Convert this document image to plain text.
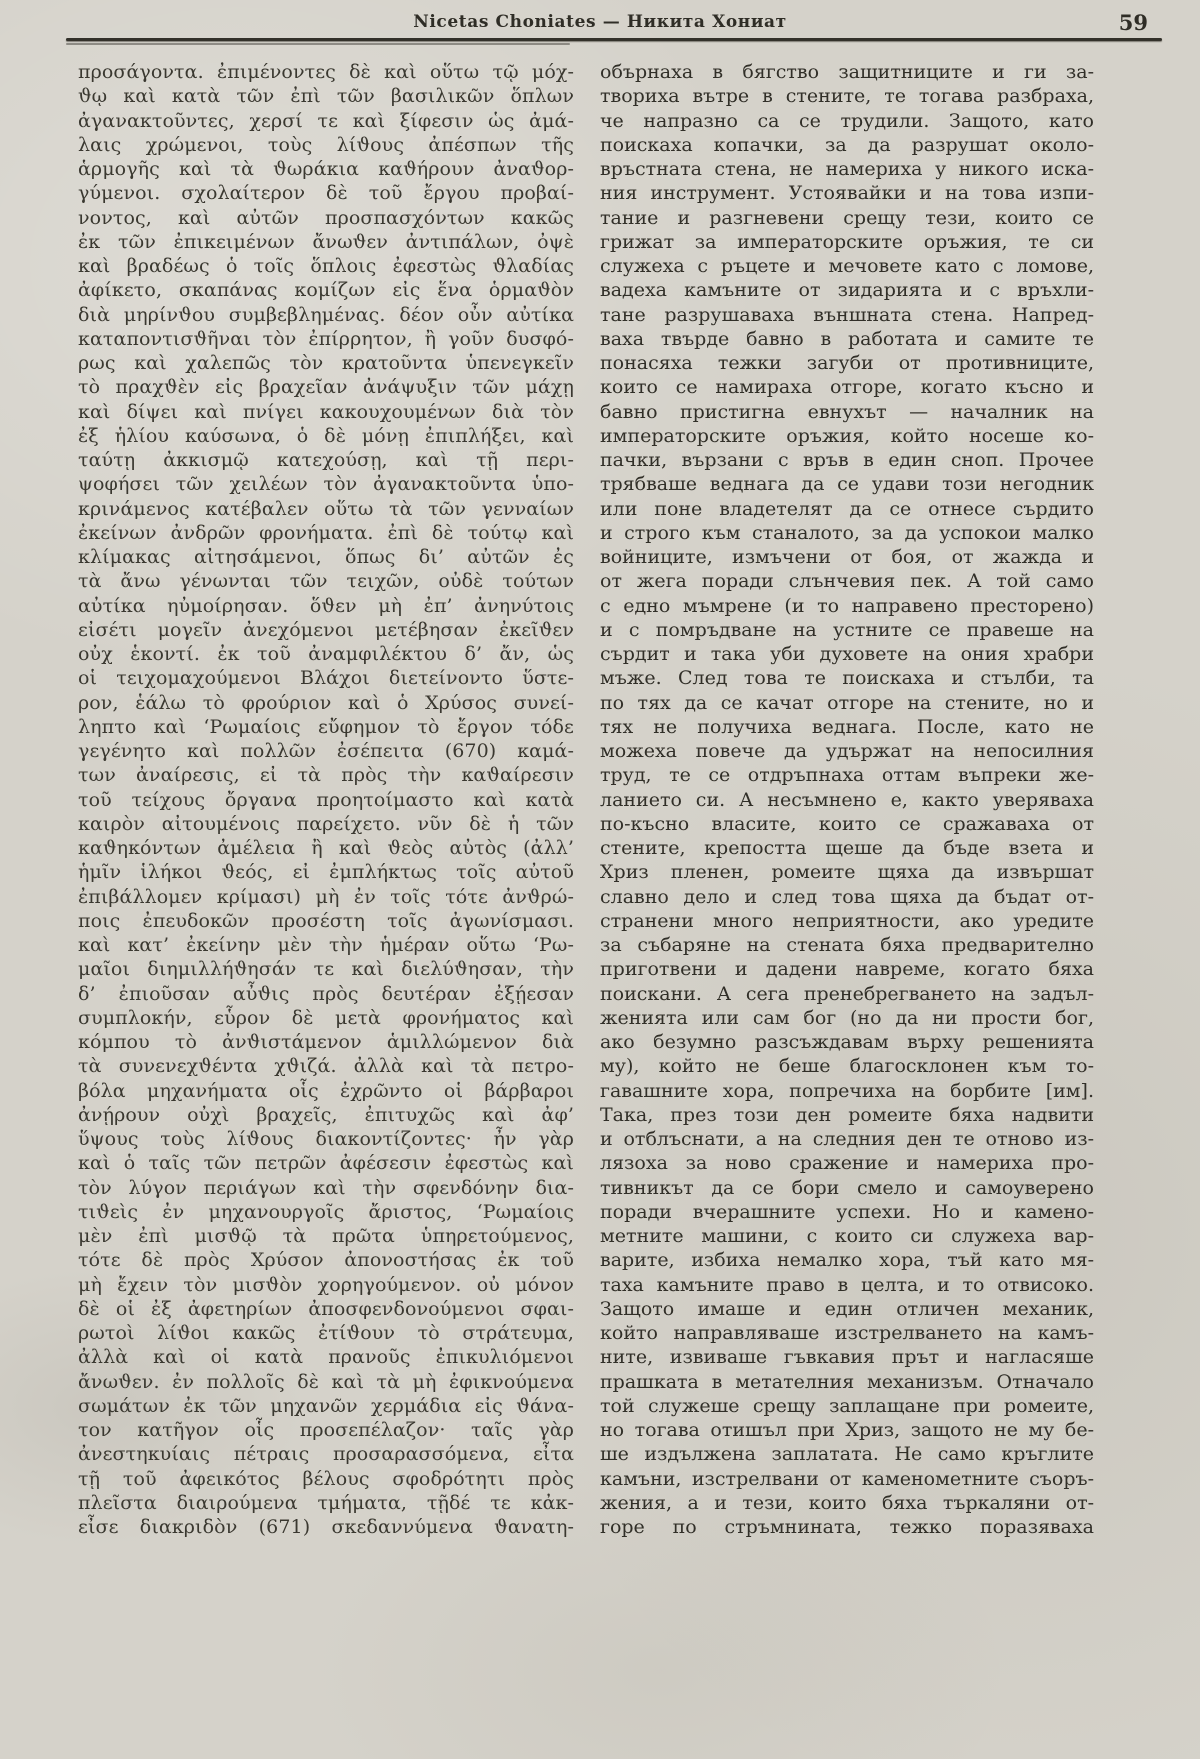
Nicetas Choniates — Никита Хониат	59
προσάγοντα. ἐπιμένοντες δὲ καὶ οὕτω τῷ μόχ-
ϑῳ καὶ κατὰ τῶν ἐπὶ τῶν βασιλικῶν ὅπλων
ἀγανακτοῦντες, χερσί τε καὶ ξίφεσιν ὡς ἀμά-
λαις χρώμενοι, τοὺς λίϑους ἀπέσπων τῆς
ἁρμογῆς καὶ τὰ ϑωράκια καϑήρουν ἀναϑορ-
γύμενοι. σχολαίτερον δὲ τοῦ ἔργου προβαί-
νοντος, καὶ αὐτῶν προσπασχόντων κακῶς
ἐκ τῶν ἐπικειμένων ἄνωϑεν ἀντιπάλων, ὀψὲ
καὶ βραδέως ὁ τοῖς ὅπλοις ἐφεστὼς ϑλαδίας
ἀφίκετο, σκαπάνας κομίζων εἰς ἕνα ὁρμαϑὸν
διὰ μηρίνϑου συμβεβλημένας. δέον οὖν αὐτίκα
καταποντισϑῆναι τὸν ἐπίρρητον, ἢ γοῦν δυσφό-
ρως καὶ χαλεπῶς τὸν κρατοῦντα ὑπενεγκεῖν
τὸ πραχϑὲν εἰς βραχεῖαν ἀνάψυξιν τῶν μάχῃ
καὶ δίψει καὶ πνίγει κακουχουμένων διὰ τὸν
ἐξ ἡλίου καύσωνα, ὁ δὲ μόνῃ ἐπιπλήξει, καὶ
ταύτῃ ἀκκισμῷ κατεχούσῃ, καὶ τῇ περι-
ψοφήσει τῶν χειλέων τὸν ἀγανακτοῦντα ὑπο-
κρινάμενος κατέβαλεν οὕτω τὰ τῶν γενναίων
ἐκείνων ἀνδρῶν φρονήματα. ἐπὶ δὲ τούτῳ καὶ
κλίμακας αἰτησάμενοι, ὅπως δι’ αὐτῶν ἐς
τὰ ἄνω γένωνται τῶν τειχῶν, οὐδὲ τούτων
αὐτίκα ηὐμοίρησαν. ὅϑεν μὴ ἐπ’ ἀνηνύτοις
εἰσέτι μογεῖν ἀνεχόμενοι μετέβησαν ἐκεῖϑεν
οὐχ ἑκοντί. ἐκ τοῦ ἀναμφιλέκτου δ’ ἄν, ὡς
οἱ τειχομαχούμενοι Βλάχοι διετείνοντο ὕστε-
ρον, ἑάλω τὸ φρούριον καὶ ὁ Χρύσος συνεί-
ληπτο καὶ ‘Ρωμαίοις εὔφημον τὸ ἔργον τόδε
γεγένητο καὶ πολλῶν ἐσέπειτα (670) καμά-
των ἀναίρεσις, εἰ τὰ πρὸς τὴν καϑαίρεσιν
τοῦ τείχους ὄργανα προητοίμαστο καὶ κατὰ
καιρὸν αἰτουμένοις παρείχετο. νῦν δὲ ἡ τῶν
καϑηκόντων ἀμέλεια ἢ καὶ ϑεὸς αὐτὸς (ἀλλ’
ἡμῖν ἱλήκοι ϑεός, εἰ ἐμπλήκτως τοῖς αὐτοῦ
ἐπιβάλλομεν κρίμασι) μὴ ἐν τοῖς τότε ἀνϑρώ-
ποις ἐπευδοκῶν προσέστη τοῖς ἀγωνίσμασι.
καὶ κατ’ ἐκείνην μὲν τὴν ἡμέραν οὕτω ‘Ρω-
μαῖοι διημιλλήϑησάν τε καὶ διελύϑησαν, τὴν
δ’ ἐπιοῦσαν αὖϑις πρὸς δευτέραν ἐξῄεσαν
συμπλοκήν, εὗρον δὲ μετὰ φρονήματος καὶ
κόμπου τὸ ἀνϑιστάμενον ἁμιλλώμενον διὰ
τὰ συνενεχϑέντα χϑιζά. ἀλλὰ καὶ τὰ πετρο-
βόλα μηχανήματα οἷς ἐχρῶντο οἱ βάρβαροι
ἀνῄρουν οὐχὶ βραχεῖς, ἐπιτυχῶς καὶ ἀφ’
ὕψους τοὺς λίϑους διακοντίζοντες· ἦν γὰρ
καὶ ὁ ταῖς τῶν πετρῶν ἀφέσεσιν ἐφεστὼς καὶ
τὸν λύγον περιάγων καὶ τὴν σφενδόνην δια-
τιϑεὶς ἐν μηχανουργοῖς ἄριστος, ‘Ρωμαίοις
μὲν ἐπὶ μισϑῷ τὰ πρῶτα ὑπηρετούμενος,
τότε δὲ πρὸς Χρύσον ἀπονοστήσας ἐκ τοῦ
μὴ ἔχειν τὸν μισϑὸν χορηγούμενον. οὐ μόνον
δὲ οἱ ἐξ ἀφετηρίων ἀποσφενδονούμενοι σφαι-
ρωτοὶ λίϑοι κακῶς ἐτίϑουν τὸ στράτευμα,
ἀλλὰ καὶ οἱ κατὰ πρανοῦς ἐπικυλιόμενοι
ἄνωϑεν. ἐν πολλοῖς δὲ καὶ τὰ μὴ ἐφικνούμενα
σωμάτων ἐκ τῶν μηχανῶν χερμάδια εἰς ϑάνα-
τον κατῆγον οἷς προσεπέλαζον· ταῖς γὰρ
ἀνεστηκυίαις πέτραις προσαρασσόμενα, εἶτα
τῇ τοῦ ἀφεικότος βέλους σφοδρότητι πρὸς
πλεῖστα διαιρούμενα τμήματα, τῇδέ τε κἀκ-
εἶσε διακριδὸν (671) σκεδαννύμενα ϑανατη-
обърнаха в бягство защитниците и ги за-
твориха вътре в стените, те тогава разбраха,
че напразно са се трудили. Защото, като
поискаха копачки, за да разрушат около-
връстната стена, не намериха у никого иска-
ния инструмент. Устоявайки и на това изпи-
тание и разгневени срещу тези, които се
грижат за императорските оръжия, те си
служеха с ръцете и мечовете като с ломове,
вадеха камъните от зидарията и с връхли-
тане разрушаваха външната стена. Напред-
ваха твърде бавно в работата и самите те
понасяха тежки загуби от противниците,
които се намираха отгоре, когато късно и
бавно пристигна евнухът — началник на
императорските оръжия, който носеше ко-
пачки, вързани с връв в един сноп. Прочее
трябваше веднага да се удави този негодник
или поне владетелят да се отнесе сърдито
и строго към станалото, за да успокои малко
войниците, измъчени от боя, от жажда и
от жега поради слънчевия пек. А той само
с едно мъмрене (и то направено престорено)
и с помръдване на устните се правеше на
сърдит и така уби духовете на ония храбри
мъже. След това те поискаха и стълби, та
по тях да се качат отгоре на стените, но и
тях не получиха веднага. После, като не
можеха повече да удържат на непосилния
труд, те се отдръпнаха оттам въпреки же-
ланието си. А несъмнено е, както уверяваха
по-късно власите, които се сражаваха от
стените, крепостта щеше да бъде взета и
Хриз пленен, ромеите щяха да извършат
славно дело и след това щяха да бъдат от-
странени много неприятности, ако уредите
за събаряне на стената бяха предварително
приготвени и дадени навреме, когато бяха
поискани. А сега пренебрегването на задъл-
женията или сам бог (но да ни прости бог,
ако безумно разсъждавам върху решенията
му), който не беше благосклонен към то-
гавашните хора, попречиха на борбите [им].
Така, през този ден ромеите бяха надвити
и отблъснати, а на следния ден те отново из-
лязоха за ново сражение и намериха про-
тивникът да се бори смело и самоуверено
поради вчерашните успехи. Но и камено-
метните машини, с които си служеха вар-
варите, избиха немалко хора, тъй като мя-
таха камъните право в целта, и то отвисоко.
Защото имаше и един отличен механик,
който направляваше изстрелването на камъ-
ните, извиваше гъвкавия прът и нагласяше
прашката в метателния механизъм. Отначало
той служеше срещу заплащане при ромеите,
но тогава отишъл при Хриз, защото не му бе-
ше издължена заплатата. Не само кръглите
камъни, изстрелвани от каменометните съоръ-
жения, а и тези, които бяха търкаляни от-
горе по стръмнината, тежко поразяваха
